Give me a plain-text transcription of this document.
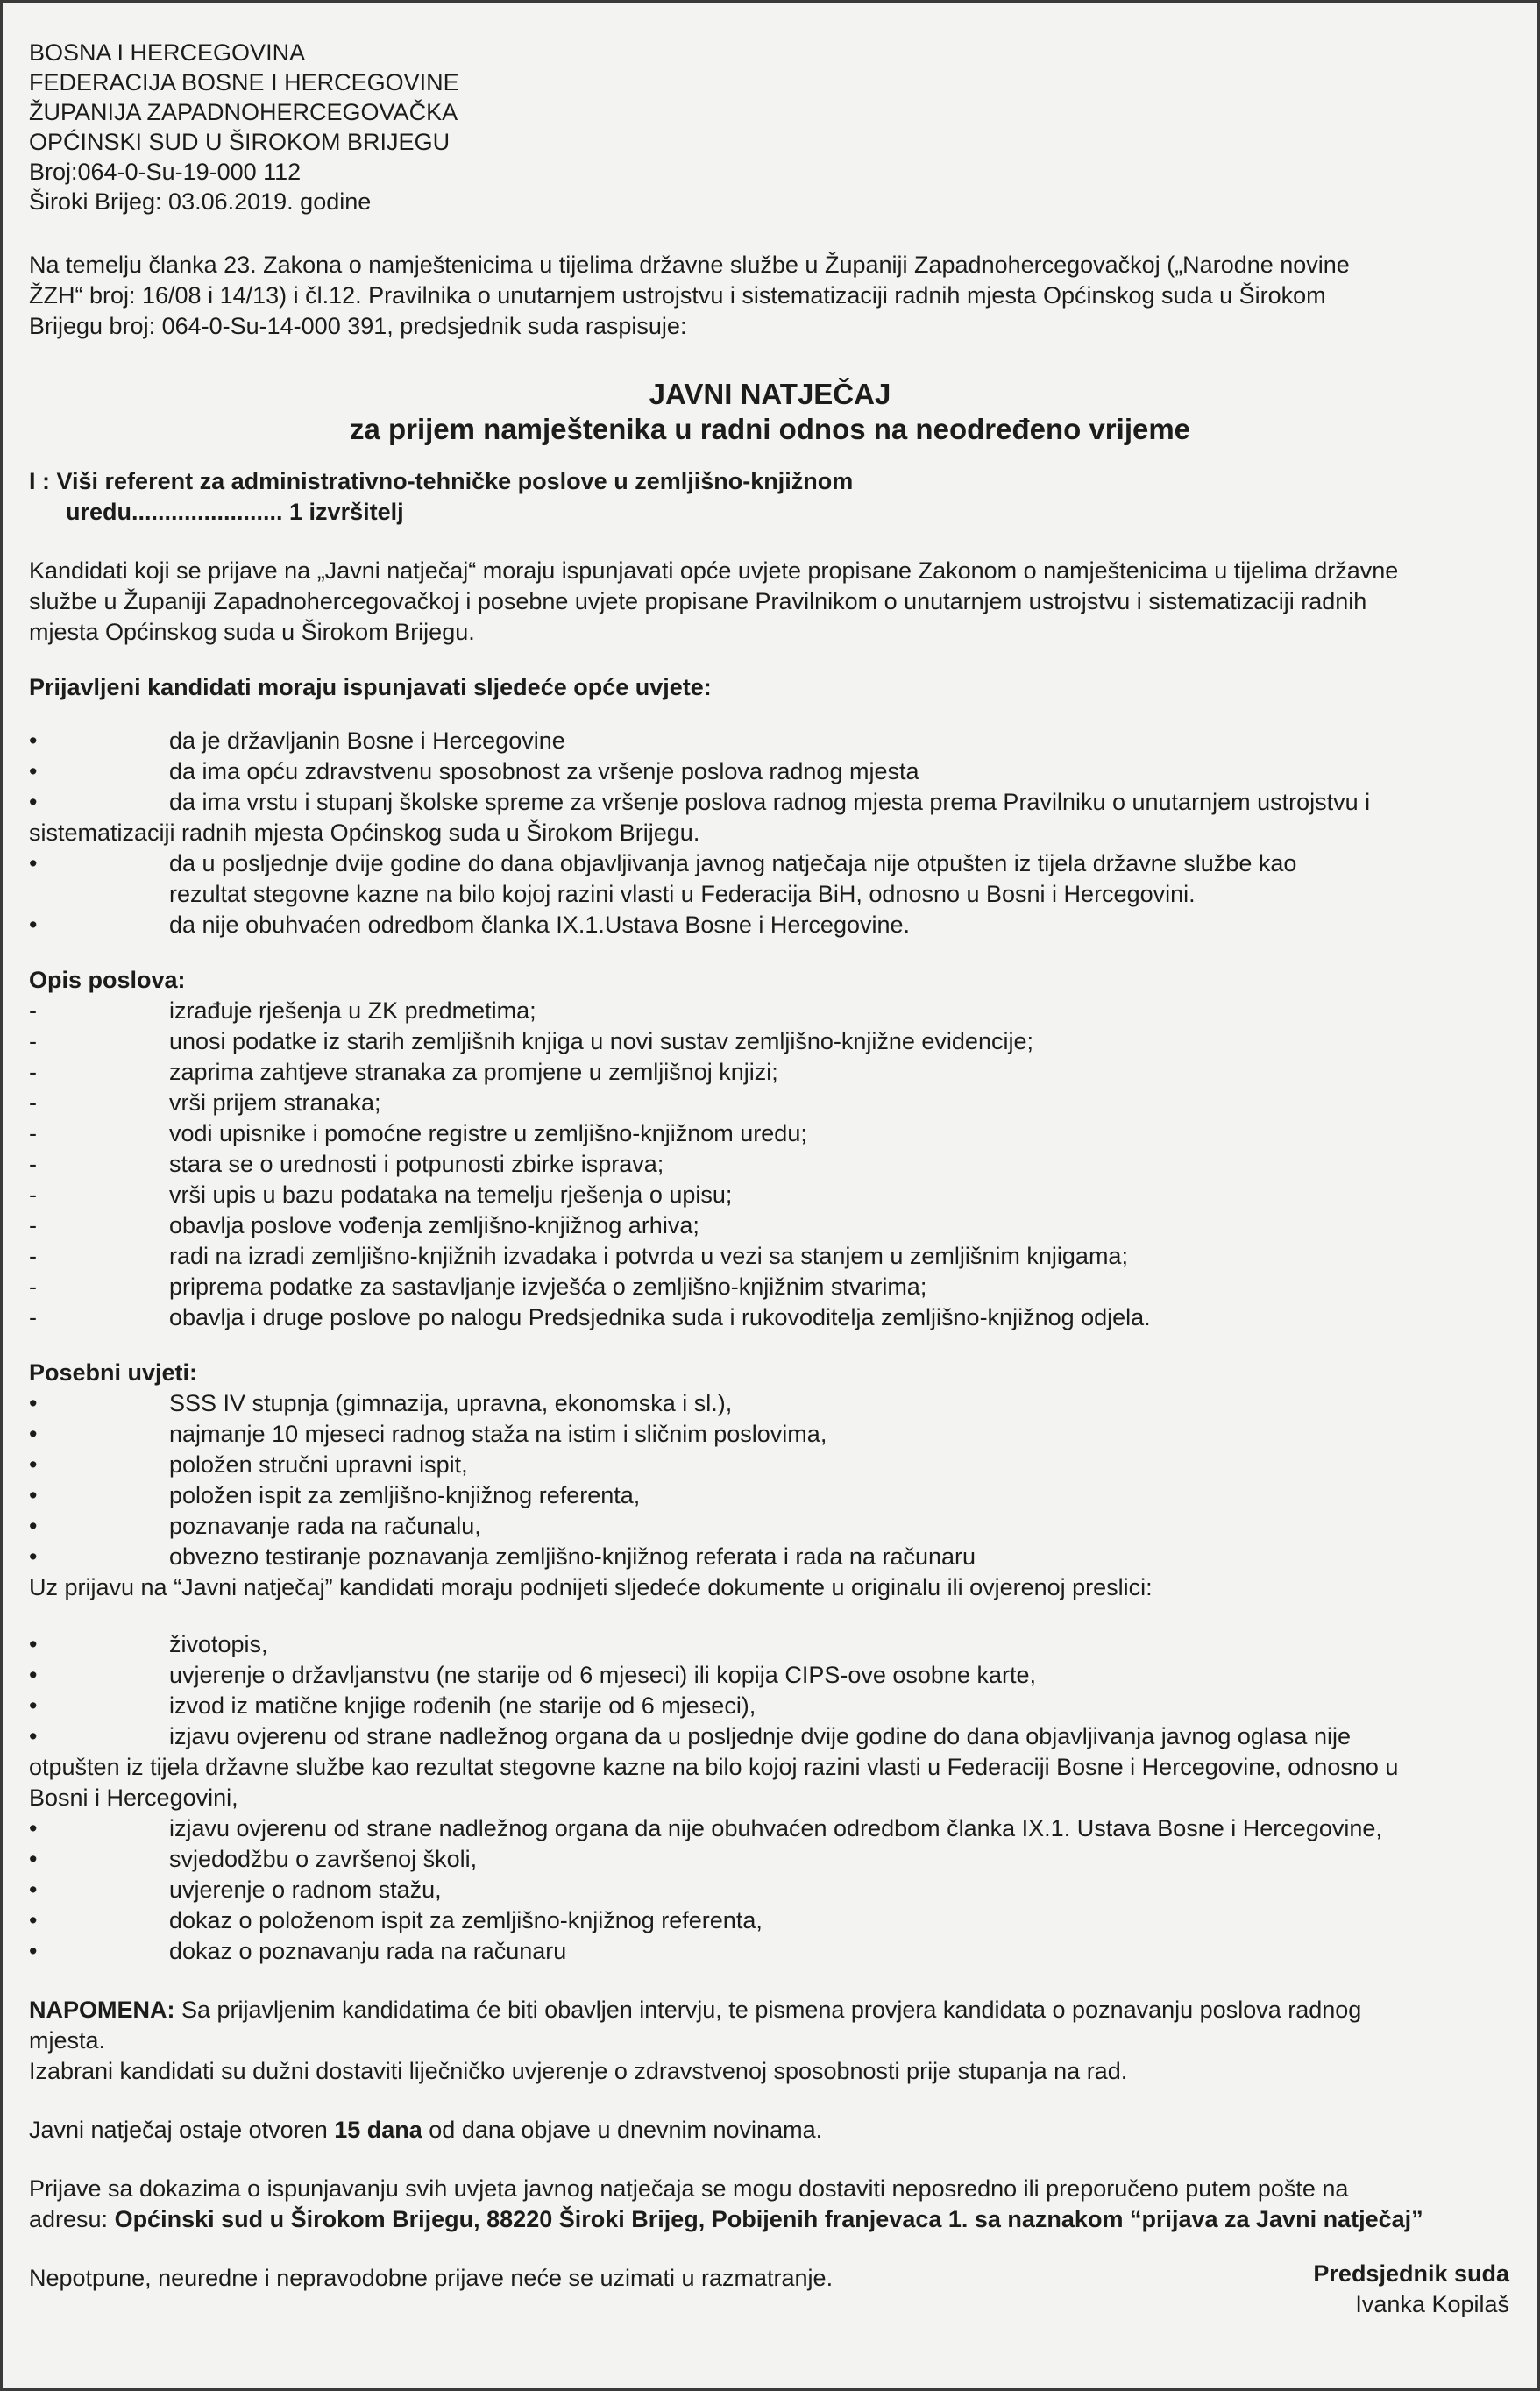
BOSNA I HERCEGOVINA

FEDERACIJA BOSNE I HERCEGOVINE

ŽUPANIJA ZAPADNOHERCEGOVAČKA

OPĆINSKI SUD U ŠIROKOM BRIJEGU

Broj:064-0-Su-19-000 112

Široki Brijeg: 03.06.2019. godine

Na temelju članka 23. Zakona o namještenicima u tijelima državne službe u Županiji Zapadnohercegovačkoj („Narodne novine
ŽZH“ broj: 16/08 i 14/13) i čl.12. Pravilnika o unutarnjem ustrojstvu i sistematizaciji radnih mjesta Općinskog suda u Širokom
Brijegu broj: 064-0-Su-14-000 391, predsjednik suda raspisuje:
JAVNI NATJEČAJ
za prijem namještenika u radni odnos na neodređeno vrijeme
I : Viši referent za administrativno-tehničke poslove u zemljišno-knjižnom
uredu....................... 1 izvršitelj
Kandidati koji se prijave na „Javni natječaj“ moraju ispunjavati opće uvjete propisane Zakonom o namještenicima u tijelima državne
službe u Županiji Zapadnohercegovačkoj i posebne uvjete propisane Pravilnikom o unutarnjem ustrojstvu i sistematizaciji radnih
mjesta Općinskog suda u Širokom Brijegu.
Prijavljeni kandidati moraju ispunjavati sljedeće opće uvjete:
•	da je državljanin Bosne i Hercegovine
•	da ima opću zdravstvenu sposobnost za vršenje poslova radnog mjesta
•	da ima vrstu i stupanj školske spreme za vršenje poslova radnog mjesta prema Pravilniku o unutarnjem ustrojstvu i
sistematizaciji radnih mjesta Općinskog suda u Širokom Brijegu.
•	da u posljednje dvije godine do dana objavljivanja javnog natječaja nije otpušten iz tijela državne službe kao
rezultat stegovne kazne na bilo kojoj razini vlasti u Federacija BiH, odnosno u Bosni i Hercegovini.
•	da nije obuhvaćen odredbom članka IX.1.Ustava Bosne i Hercegovine.
Opis poslova:
-	izrađuje rješenja u ZK predmetima;
-	unosi podatke iz starih zemljišnih knjiga u novi sustav zemljišno-knjižne evidencije;
-	zaprima zahtjeve stranaka za promjene u zemljišnoj knjizi;
-	vrši prijem stranaka;
-	vodi upisnike i pomoćne registre u zemljišno-knjižnom uredu;
-	stara se o urednosti i potpunosti zbirke isprava;
-	vrši upis u bazu podataka na temelju rješenja o upisu;
-	obavlja poslove vođenja zemljišno-knjižnog arhiva;
-	radi na izradi zemljišno-knjižnih izvadaka i potvrda u vezi sa stanjem u zemljišnim knjigama;
-	priprema podatke za sastavljanje izvješća o zemljišno-knjižnim stvarima;
-	obavlja i druge poslove po nalogu Predsjednika suda i rukovoditelja zemljišno-knjižnog odjela.
Posebni uvjeti:
•	SSS IV stupnja (gimnazija, upravna, ekonomska i sl.),
•	najmanje 10 mjeseci radnog staža na istim i sličnim poslovima,
•	položen stručni upravni ispit,
•	položen ispit za zemljišno-knjižnog referenta,
•	poznavanje rada na računalu,
•	obvezno testiranje poznavanja zemljišno-knjižnog referata i rada na računaru
Uz prijavu na “Javni natječaj” kandidati moraju podnijeti sljedeće dokumente u originalu ili ovjerenoj preslici:
•	životopis,
•	uvjerenje o državljanstvu (ne starije od 6 mjeseci) ili kopija CIPS-ove osobne karte,
•	izvod iz matične knjige rođenih (ne starije od 6 mjeseci),
•	izjavu ovjerenu od strane nadležnog organa da u posljednje dvije godine do dana objavljivanja javnog oglasa nije
otpušten iz tijela državne službe kao rezultat stegovne kazne na bilo kojoj razini vlasti u Federaciji Bosne i Hercegovine, odnosno u
Bosni i Hercegovini,
•	izjavu ovjerenu od strane nadležnog organa da nije obuhvaćen odredbom članka IX.1. Ustava Bosne i Hercegovine,
•	svjedodžbu o završenoj školi,
•	uvjerenje o radnom stažu,
•	dokaz o položenom ispit za zemljišno-knjižnog referenta,
•	dokaz o poznavanju rada na računaru
NAPOMENA: Sa prijavljenim kandidatima će biti obavljen intervju, te pismena provjera kandidata o poznavanju poslova radnog
mjesta.
Izabrani kandidati su dužni dostaviti liječničko uvjerenje o zdravstvenoj sposobnosti prije stupanja na rad.
Javni natječaj ostaje otvoren 15 dana od dana objave u dnevnim novinama.
Prijave sa dokazima o ispunjavanju svih uvjeta javnog natječaja se mogu dostaviti neposredno ili preporučeno putem pošte na
adresu: Općinski sud u Širokom Brijegu, 88220 Široki Brijeg, Pobijenih franjevaca 1. sa naznakom “prijava za Javni natječaj”
Nepotpune, neuredne i nepravodobne prijave neće se uzimati u razmatranje.	Predsjednik suda
Ivanka Kopilaš
